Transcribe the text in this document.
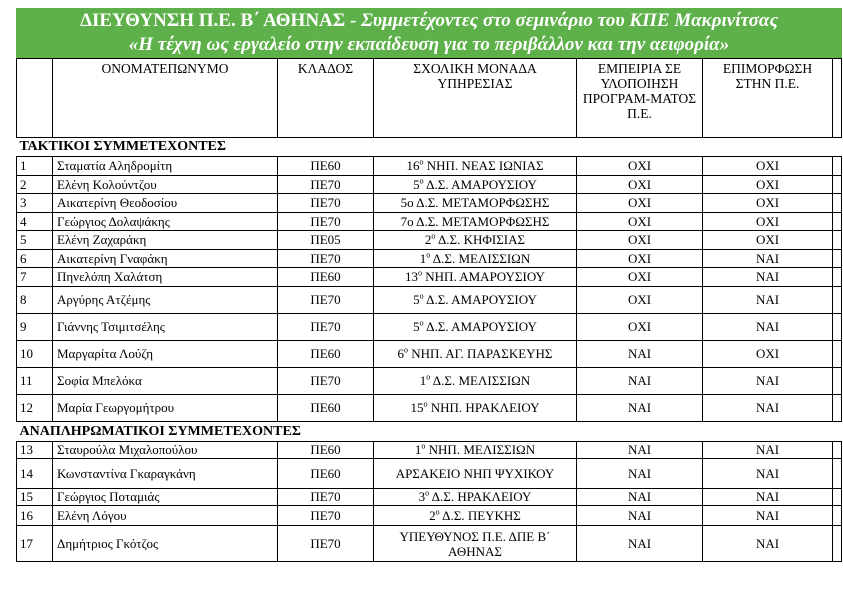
ΔΙΕΥΘΥΝΣΗ Π.Ε. Β΄ ΑΘΗΝΑΣ - Συμμετέχοντες στο σεμινάριο του ΚΠΕ Μακρινίτσας
«Η τέχνη ως εργαλείο στην εκπαίδευση για το περιβάλλον και την αειφορία»
	ΟΝΟΜΑΤΕΠΩΝΥΜΟ	ΚΛΑΔΟΣ	ΣΧΟΛΙΚΗ ΜΟΝΑΔΑ ΥΠΗΡΕΣΙΑΣ	ΕΜΠΕΙΡΙΑ ΣΕ ΥΛΟΠΟΙΗΣΗ ΠΡΟΓΡΑΜ-ΜΑΤΟΣ Π.Ε.	ΕΠΙΜΟΡΦΩΣΗ ΣΤΗΝ Π.Ε.	
ΤΑΚΤΙΚΟΙ ΣΥΜΜΕΤΕΧΟΝΤΕΣ						
1	Σταματία Αληδρομίτη	ΠΕ60	$16^o$ ΝΗΠ. ΝΕΑΣ ΙΩΝΙΑΣ	ΟΧΙ	ΟΧΙ	
2	Ελένη Κολούντζου	ΠΕ70	$5^o$ Δ.Σ. ΑΜΑΡΟΥΣΙΟΥ	ΟΧΙ	ΟΧΙ	
3	Αικατερίνη Θεοδοσίου	ΠΕ70	5ο Δ.Σ. ΜΕΤΑΜΟΡΦΩΣΗΣ	ΟΧΙ	ΟΧΙ	
4	Γεώργιος Δολαψάκης	ΠΕ70	7ο Δ.Σ. ΜΕΤΑΜΟΡΦΩΣΗΣ	ΟΧΙ	ΟΧΙ	
5	Ελένη Ζαχαράκη	ΠΕ05	$2^o$ Δ.Σ. ΚΗΦΙΣΙΑΣ	ΟΧΙ	ΟΧΙ	
6	Αικατερίνη Γναφάκη	ΠΕ70	$1^o$ Δ.Σ. ΜΕΛΙΣΣΙΩΝ	ΟΧΙ	ΝΑΙ	
7	Πηνελόπη Χαλάτση	ΠΕ60	$13^o$ ΝΗΠ. ΑΜΑΡΟΥΣΙΟΥ	ΟΧΙ	ΝΑΙ	
8	Αργύρης Ατζέμης	ΠΕ70	$5^o$ Δ.Σ. ΑΜΑΡΟΥΣΙΟΥ	ΟΧΙ	ΝΑΙ	
9	Γιάννης Τσιμιτσέλης	ΠΕ70	$5^o$ Δ.Σ. ΑΜΑΡΟΥΣΙΟΥ	ΟΧΙ	ΝΑΙ	
10	Μαργαρίτα Λούζη	ΠΕ60	$6^o$ ΝΗΠ. ΑΓ. ΠΑΡΑΣΚΕΥΗΣ	ΝΑΙ	ΟΧΙ	
11	Σοφία Μπελόκα	ΠΕ70	$1^o$ Δ.Σ. ΜΕΛΙΣΣΙΩΝ	ΝΑΙ	ΝΑΙ	
12	Μαρία Γεωργομήτρου	ΠΕ60	$15^o$ ΝΗΠ. ΗΡΑΚΛΕΙΟΥ	ΝΑΙ	ΝΑΙ	
ΑΝΑΠΛΗΡΩΜΑΤΙΚΟΙ ΣΥΜΜΕΤΕΧΟΝΤΕΣ						
13	Σταυρούλα Μιχαλοπούλου	ΠΕ60	$1^o$ ΝΗΠ. ΜΕΛΙΣΣΙΩΝ	ΝΑΙ	ΝΑΙ	
14	Κωνσταντίνα Γκαραγκάνη	ΠΕ60	ΑΡΣΑΚΕΙΟ ΝΗΠ ΨΥΧΙΚΟΥ	ΝΑΙ	ΝΑΙ	
15	Γεώργιος Ποταμιάς	ΠΕ70	$3^o$ Δ.Σ. ΗΡΑΚΛΕΙΟΥ	ΝΑΙ	ΝΑΙ	
16	Ελένη Λόγου	ΠΕ70	$2^o$ Δ.Σ. ΠΕΥΚΗΣ	ΝΑΙ	ΝΑΙ	
17	Δημήτριος Γκότζος	ΠΕ70	ΥΠΕΥΘΥΝΟΣ Π.Ε. ΔΠΕ Β΄ ΑΘΗΝΑΣ	ΝΑΙ	ΝΑΙ	
